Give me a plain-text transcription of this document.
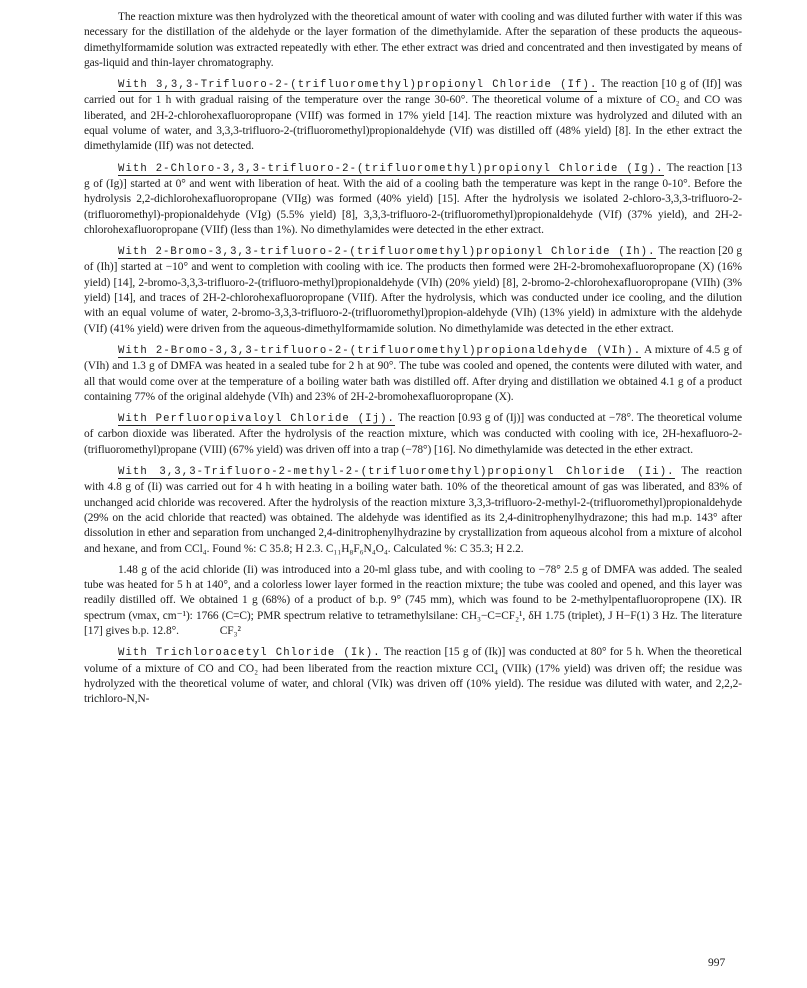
The reaction mixture was then hydrolyzed with the theoretical amount of water with cooling and was diluted further with water if this was necessary for the distillation of the aldehyde or the layer formation of the dimethylamide. After the separation of these products the aqueous-dimethylformamide solution was extracted repeatedly with ether. The ether extract was dried and concentrated and then investigated by means of gas-liquid and thin-layer chromatography.

With 3,3,3-Trifluoro-2-(trifluoromethyl)propionyl Chloride (If). The reaction [10 g of (If)] was carried out for 1 h with gradual raising of the temperature over the range 30-60°. The theoretical volume of a mixture of CO₂ and CO was liberated, and 2H-2-chlorohexafluoropropane (VIIf) was formed in 17% yield [14]. The reaction mixture was hydrolyzed and diluted with an equal volume of water, and 3,3,3-trifluoro-2-(trifluoromethyl)propionaldehyde (VIf) was distilled off (48% yield) [8]. In the ether extract the dimethylamide (IIf) was not detected.

With 2-Chloro-3,3,3-trifluoro-2-(trifluoromethyl)propionyl Chloride (Ig). The reaction [13 g of (Ig)] started at 0° and went with liberation of heat. With the aid of a cooling bath the temperature was kept in the range 0-10°. Before the hydrolysis 2,2-dichlorohexafluoropropane (VIIg) was formed (40% yield) [15]. After the hydrolysis we isolated 2-chloro-3,3,3-trifluoro-2-(trifluoromethyl)-propionaldehyde (VIg) (5.5% yield) [8], 3,3,3-trifluoro-2-(trifluoromethyl)propionaldehyde (VIf) (37% yield), and 2H-2-chlorohexafluoropropane (VIIf) (less than 1%). No dimethylamides were detected in the ether extract.

With 2-Bromo-3,3,3-trifluoro-2-(trifluoromethyl)propionyl Chloride (Ih). The reaction [20 g of (Ih)] started at −10° and went to completion with cooling with ice. The products then formed were 2H-2-bromohexafluoropropane (X) (16% yield) [14], 2-bromo-3,3,3-trifluoro-2-(trifluoro-methyl)propionaldehyde (VIh) (20% yield) [8], 2-bromo-2-chlorohexafluoropropane (VIIh) (3% yield) [14], and traces of 2H-2-chlorohexafluoropropane (VIIf). After the hydrolysis, which was conducted under ice cooling, and the dilution with an equal volume of water, 2-bromo-3,3,3-trifluoro-2-(trifluoromethyl)propion-aldehyde (VIh) (13% yield) in admixture with the aldehyde (VIf) (41% yield) were driven from the aqueous-dimethylformamide solution. No dimethylamide was detected in the ether extract.

With 2-Bromo-3,3,3-trifluoro-2-(trifluoromethyl)propionaldehyde (VIh). A mixture of 4.5 g of (VIh) and 1.3 g of DMFA was heated in a sealed tube for 2 h at 90°. The tube was cooled and opened, the contents were diluted with water, and all that would come over at the temperature of a boiling water bath was distilled off. After drying and distillation we obtained 4.1 g of a product containing 77% of the original aldehyde (VIh) and 23% of 2H-2-bromohexafluoropropane (X).

With Perfluoropivaloyl Chloride (Ij). The reaction [0.93 g of (Ij)] was conducted at −78°. The theoretical volume of carbon dioxide was liberated. After the hydrolysis of the reaction mixture, which was conducted with cooling with ice, 2H-hexafluoro-2-(trifluoromethyl)propane (VIII) (67% yield) was driven off into a trap (−78°) [16]. No dimethylamide was detected in the ether extract.

With 3,3,3-Trifluoro-2-methyl-2-(trifluoromethyl)propionyl Chloride (Ii). The reaction with 4.8 g of (Ii) was carried out for 4 h with heating in a boiling water bath. 10% of the theoretical amount of gas was liberated, and 83% of unchanged acid chloride was recovered. After the hydrolysis of the reaction mixture 3,3,3-trifluoro-2-methyl-2-(trifluoromethyl)propionaldehyde (29% on the acid chloride that reacted) was obtained. The aldehyde was identified as its 2,4-dinitrophenylhydrazone; this had m.p. 143° after dissolution in ether and separation from unchanged 2,4-dinitrophenylhydrazine by crystallization from aqueous alcohol from a mixture of alcohol and hexane, and from CCl₄. Found %: C 35.8; H 2.3. C₁₁H₈F₆N₄O₄. Calculated %: C 35.3; H 2.2.

1.48 g of the acid chloride (Ii) was introduced into a 20-ml glass tube, and with cooling to −78° 2.5 g of DMFA was added. The sealed tube was heated for 5 h at 140°, and a colorless lower layer formed in the reaction mixture; the tube was cooled and opened, and this layer was readily distilled off. We obtained 1 g (68%) of a product of b.p. 9° (745 mm), which was found to be 2-methylpentafluoropropene (IX). IR spectrum (νmax, cm⁻¹): 1766 (C=C); PMR spectrum relative to tetramethylsilane: CH₃−C=CF₂¹, δH 1.75 (triplet), J H−F(1) 3 Hz. The literature [17] gives b.p. 12.8°.	CF₃²

With Trichloroacetyl Chloride (Ik). The reaction [15 g of (Ik)] was conducted at 80° for 5 h. When the theoretical volume of a mixture of CO and CO₂ had been liberated from the reaction mixture CCl₄ (VIIk) (17% yield) was driven off; the residue was hydrolyzed with the theoretical volume of water, and chloral (VIk) was driven off (10% yield). The residue was diluted with water, and 2,2,2-trichloro-N,N-

997
